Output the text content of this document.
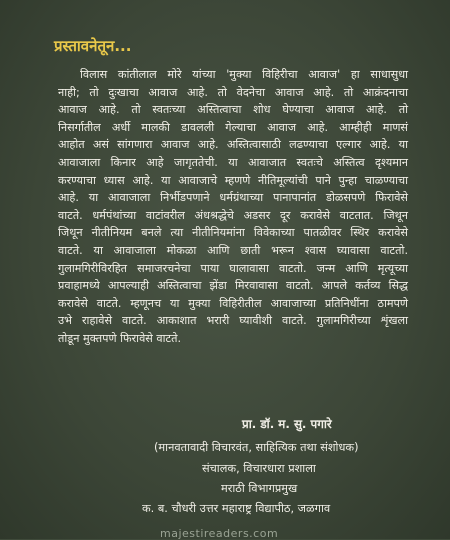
प्रस्तावनेतून...
विलास कांतीलाल मोरे यांच्या 'मुक्या विहिरीचा आवाज' हा साधासुधा
नाही; तो दुःखाचा आवाज आहे. तो वेदनेचा आवाज आहे. तो आक्रंदनाचा
आवाज आहे. तो स्वतःच्या अस्तित्वाचा शोध घेण्याचा आवाज आहे. तो
निसर्गातील अर्धी मालकी डावलली गेल्याचा आवाज आहे. आम्हीही माणसं
आहोत असं सांगणारा आवाज आहे. अस्तित्वासाठी लढण्याचा एल्गार आहे. या
आवाजाला किनार आहे जागृततेची. या आवाजात स्वतःचे अस्तित्व दृश्यमान
करण्याचा ध्यास आहे. या आवाजाचे म्हणणे नीतिमूल्यांची पाने पुन्हा चाळण्याचा
आहे. या आवाजाला निर्भीडपणाने धर्मग्रंथाच्या पानापानांत डोळसपणे फिरावेसे
वाटते. धर्मपंथांच्या वाटांवरील अंधश्रद्धेचे अडसर दूर करावेसे वाटतात. जिथून
जिथून नीतीनियम बनले त्या नीतीनियमांना विवेकाच्या पातळीवर स्थिर करावेसे
वाटते. या आवाजाला मोकळा आणि छाती भरून श्वास घ्यावासा वाटतो.
गुलामगिरीविरहित समाजरचनेचा पाया घालावासा वाटतो. जन्म आणि मृत्यूच्या
प्रवाहामध्ये आपल्याही अस्तित्वाचा झेंडा मिरवावासा वाटतो. आपले कर्तव्य सिद्ध
करावेसे वाटते. म्हणूनच या मुक्या विहिरीतील आवाजाच्या प्रतिनिधींना ठामपणे
उभे राहावेसे वाटते. आकाशात भरारी घ्यावीशी वाटते. गुलामगिरीच्या शृंखला
तोडून मुक्तपणे फिरावेसे वाटते.
प्रा. डॉ. म. सु. पगारे
(मानवतावादी विचारवंत, साहित्यिक तथा संशोधक)
संचालक, विचारधारा प्रशाला
मराठी विभागप्रमुख
क. ब. चौधरी उत्तर महाराष्ट्र विद्यापीठ, जळगाव
majestireaders.com
